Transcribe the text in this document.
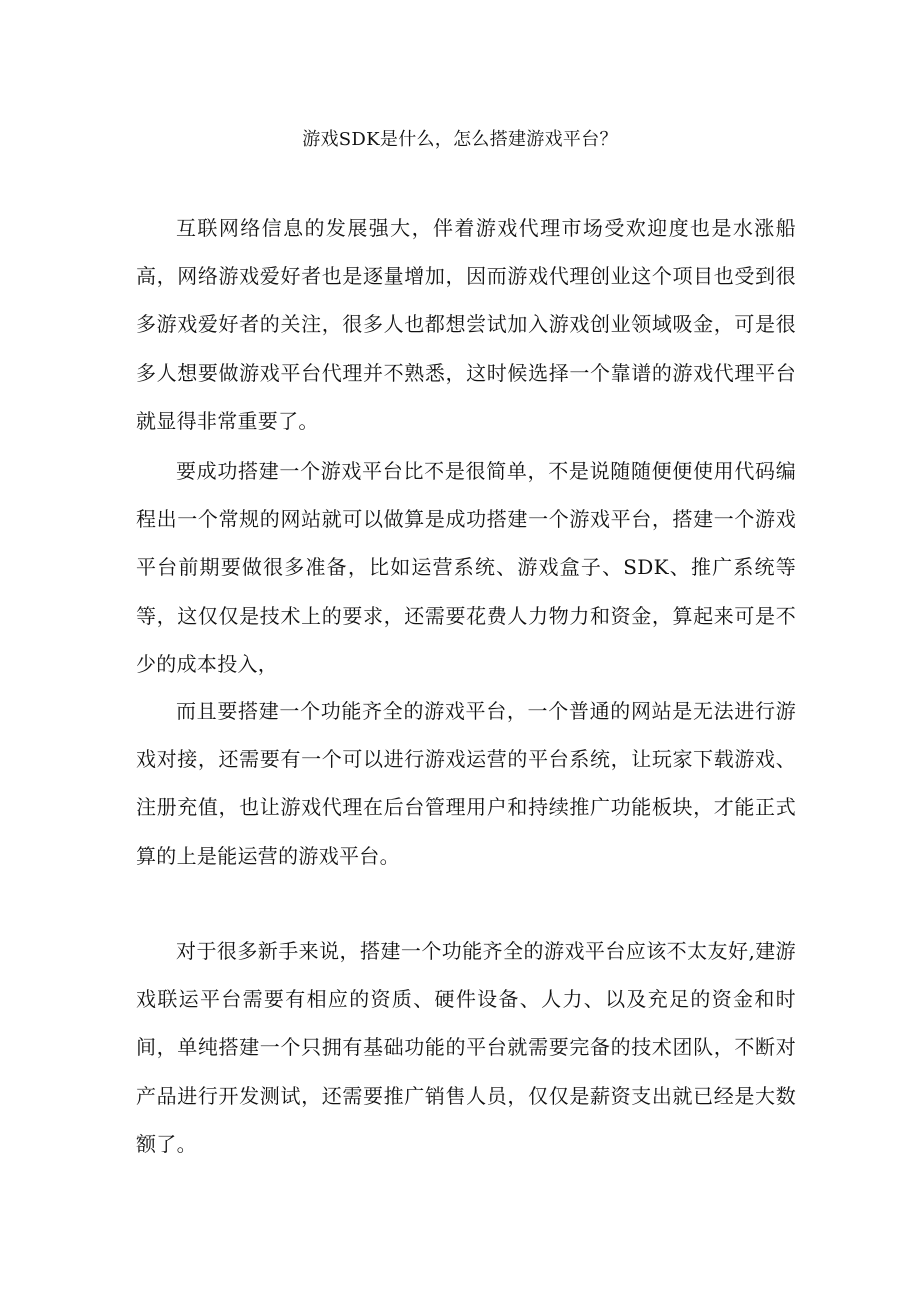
游戏SDK是什么，怎么搭建游戏平台？

互联网络信息的发展强大，伴着游戏代理市场受欢迎度也是水涨船高，网络游戏爱好者也是逐量增加，因而游戏代理创业这个项目也受到很多游戏爱好者的关注，很多人也都想尝试加入游戏创业领域吸金，可是很多人想要做游戏平台代理并不熟悉，这时候选择一个靠谱的游戏代理平台就显得非常重要了。

要成功搭建一个游戏平台比不是很简单，不是说随随便便使用代码编程出一个常规的网站就可以做算是成功搭建一个游戏平台，搭建一个游戏平台前期要做很多准备，比如运营系统、游戏盒子、SDK、推广系统等等，这仅仅是技术上的要求，还需要花费人力物力和资金，算起来可是不少的成本投入，

而且要搭建一个功能齐全的游戏平台，一个普通的网站是无法进行游戏对接，还需要有一个可以进行游戏运营的平台系统，让玩家下载游戏、注册充值，也让游戏代理在后台管理用户和持续推广功能板块，才能正式算的上是能运营的游戏平台。

对于很多新手来说，搭建一个功能齐全的游戏平台应该不太友好,建游戏联运平台需要有相应的资质、硬件设备、人力、以及充足的资金和时间，单纯搭建一个只拥有基础功能的平台就需要完备的技术团队，不断对产品进行开发测试，还需要推广销售人员，仅仅是薪资支出就已经是大数额了。
